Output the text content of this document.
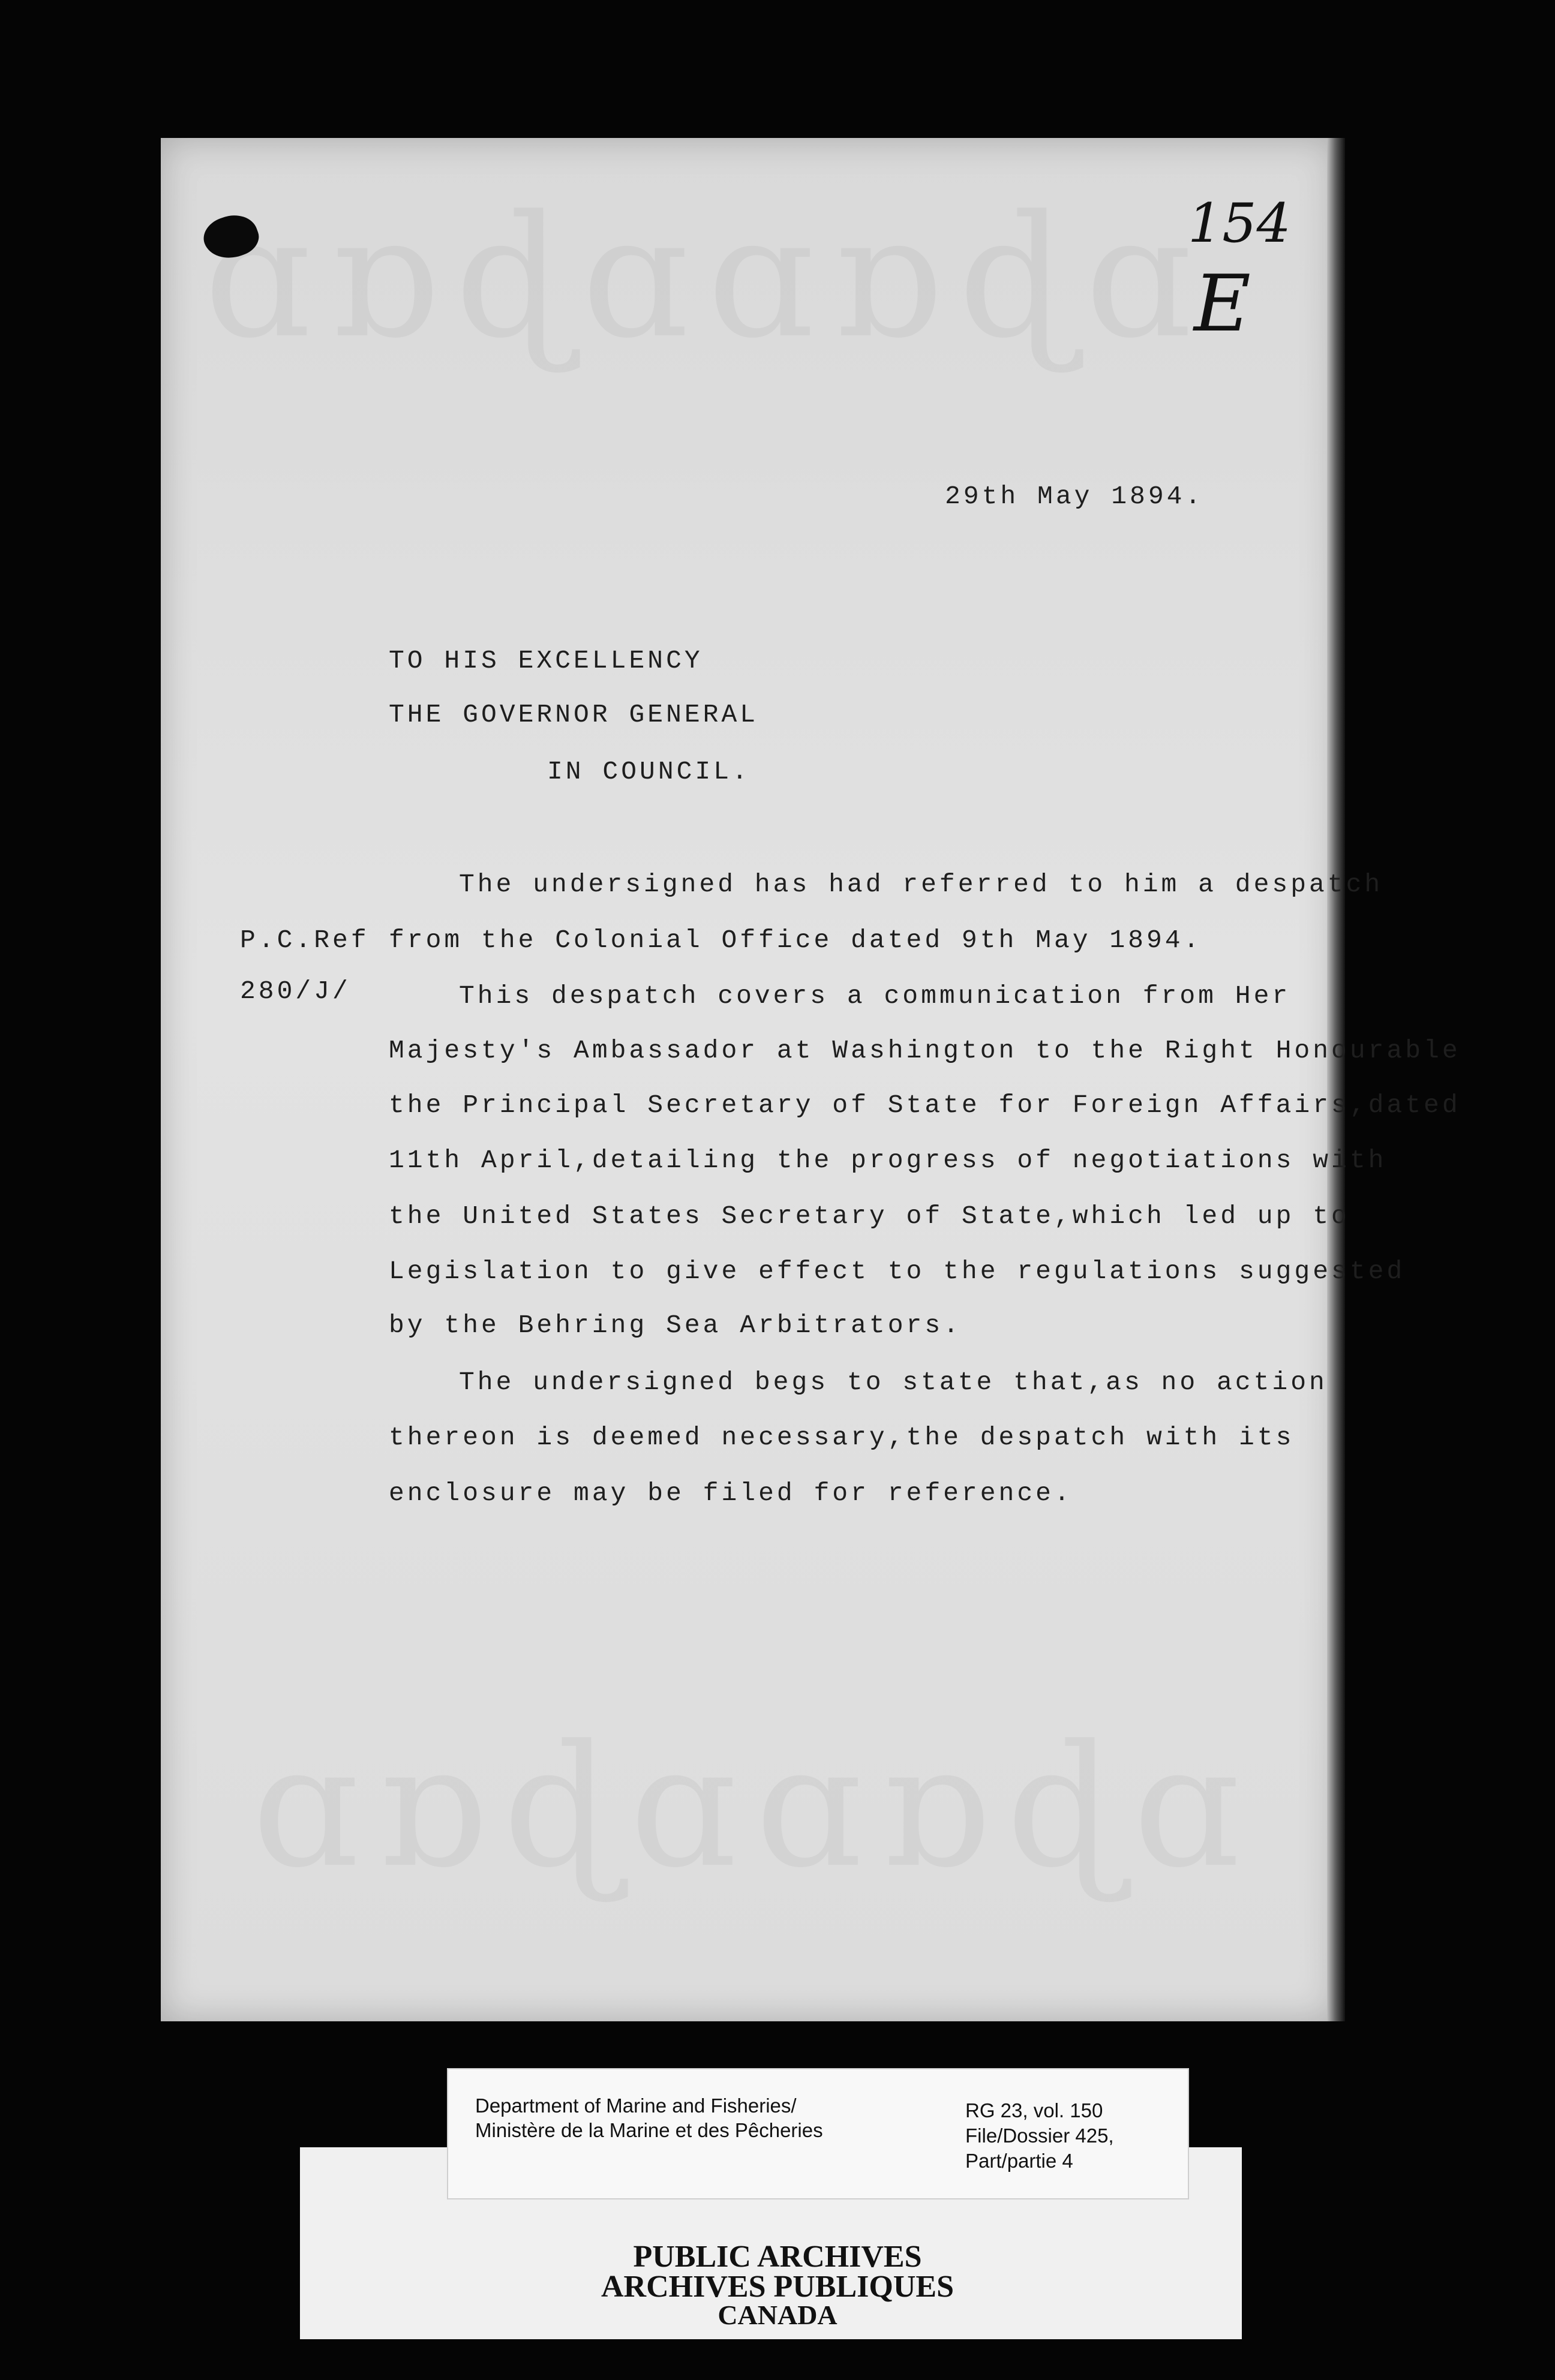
154
E
29th May 1894.
TO HIS EXCELLENCY
THE GOVERNOR GENERAL
IN COUNCIL.
P.C.Ref
280/J/
The undersigned has had referred to him a despatch
from the Colonial Office dated 9th May 1894.
This despatch covers a communication from Her
Majesty's Ambassador at Washington to the Right Honourable
the Principal Secretary of State for Foreign Affairs,dated
11th April,detailing the progress of negotiations with
the United States Secretary of State,which led up to
Legislation to give effect to the regulations suggested
by the Behring Sea Arbitrators.
The undersigned begs to state that,as no action
thereon is deemed necessary,the despatch with its
enclosure may be filed for reference.
Department of Marine and Fisheries/
Ministère de la Marine et des Pêcheries
RG 23, vol. 150
File/Dossier 425,
Part/partie 4
PUBLIC ARCHIVES
ARCHIVES PUBLIQUES
CANADA
